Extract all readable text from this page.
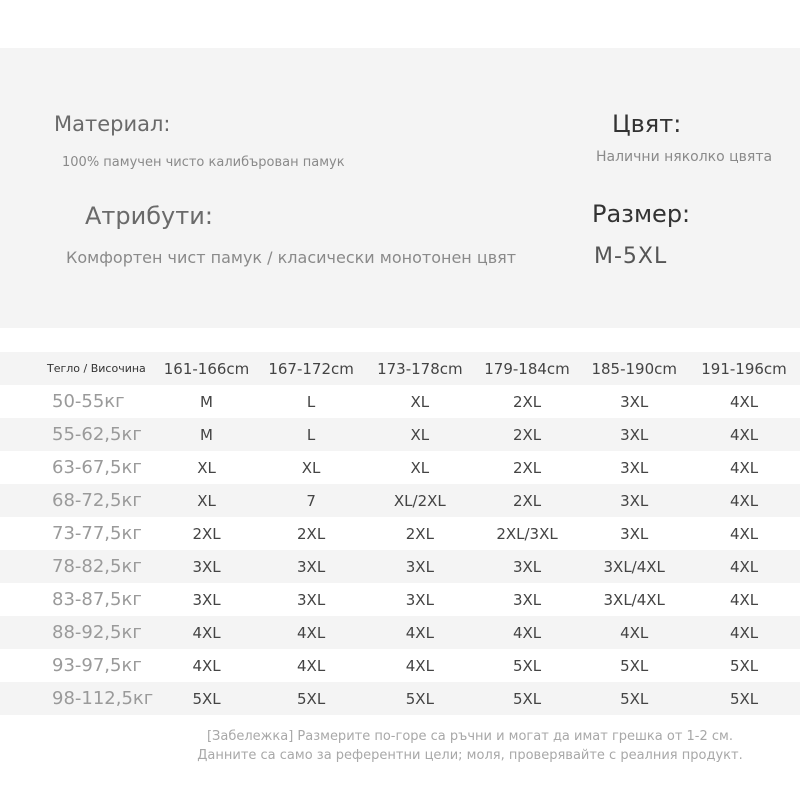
Материал:
100% памучен чисто калибърован памук
Цвят:
Налични няколко цвята
Атрибути:
Комфортен чист памук / класически монотонен цвят
Размер:
M-5XL
Тегло / Височина	161-166cm	167-172cm	173-178cm	179-184cm	185-190cm	191-196cm
50-55кг	M	L	XL	2XL	3XL	4XL
55-62,5кг	M	L	XL	2XL	3XL	4XL
63-67,5кг	XL	XL	XL	2XL	3XL	4XL
68-72,5кг	XL	7	XL/2XL	2XL	3XL	4XL
73-77,5кг	2XL	2XL	2XL	2XL/3XL	3XL	4XL
78-82,5кг	3XL	3XL	3XL	3XL	3XL/4XL	4XL
83-87,5кг	3XL	3XL	3XL	3XL	3XL/4XL	4XL
88-92,5кг	4XL	4XL	4XL	4XL	4XL	4XL
93-97,5кг	4XL	4XL	4XL	5XL	5XL	5XL
98-112,5кг	5XL	5XL	5XL	5XL	5XL	5XL
[Забележка] Размерите по-горе са ръчни и могат да имат грешка от 1-2 см.
Данните са само за референтни цели; моля, проверявайте с реалния продукт.
